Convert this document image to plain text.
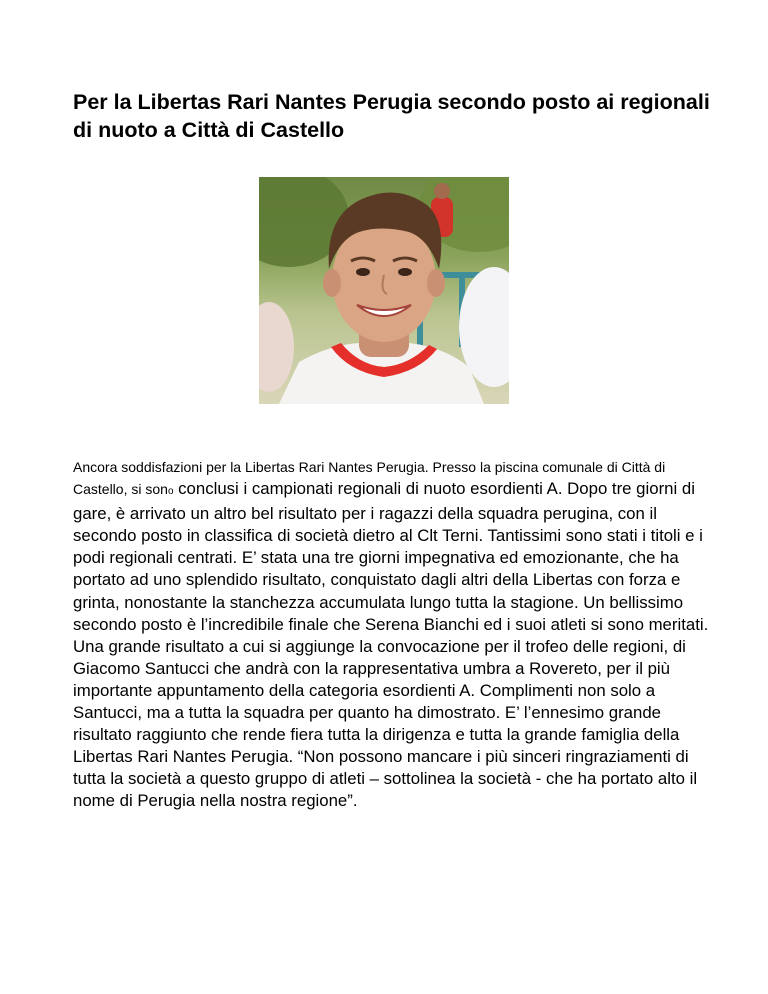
Per la Libertas Rari Nantes Perugia secondo posto ai regionali di nuoto a Città di Castello

Ancora soddisfazioni per la Libertas Rari Nantes Perugia. Presso la piscina comunale di Città di Castello, si sono conclusi i campionati regionali di nuoto esordienti A. Dopo tre giorni di gare, è arrivato un altro bel risultato per i ragazzi della squadra perugina, con il secondo posto in classifica di società dietro al Clt Terni. Tantissimi sono stati i titoli e i podi regionali centrati. E’ stata una tre giorni impegnativa ed emozionante, che ha portato ad uno splendido risultato, conquistato dagli altri della Libertas con forza e grinta, nonostante la stanchezza accumulata lungo tutta la stagione. Un bellissimo secondo posto è l’incredibile finale che Serena Bianchi ed i suoi atleti si sono meritati. Una grande risultato a cui si aggiunge la convocazione per il trofeo delle regioni, di Giacomo Santucci che andrà con la rappresentativa umbra a Rovereto, per il più importante appuntamento della categoria esordienti A. Complimenti non solo a Santucci, ma a tutta la squadra per quanto ha dimostrato. E’ l’ennesimo grande risultato raggiunto che rende fiera tutta la dirigenza e tutta la grande famiglia della Libertas Rari Nantes Perugia. “Non possono mancare i più sinceri ringraziamenti di tutta la società a questo gruppo di atleti – sottolinea la società - che ha portato alto il nome di Perugia nella nostra regione”.
